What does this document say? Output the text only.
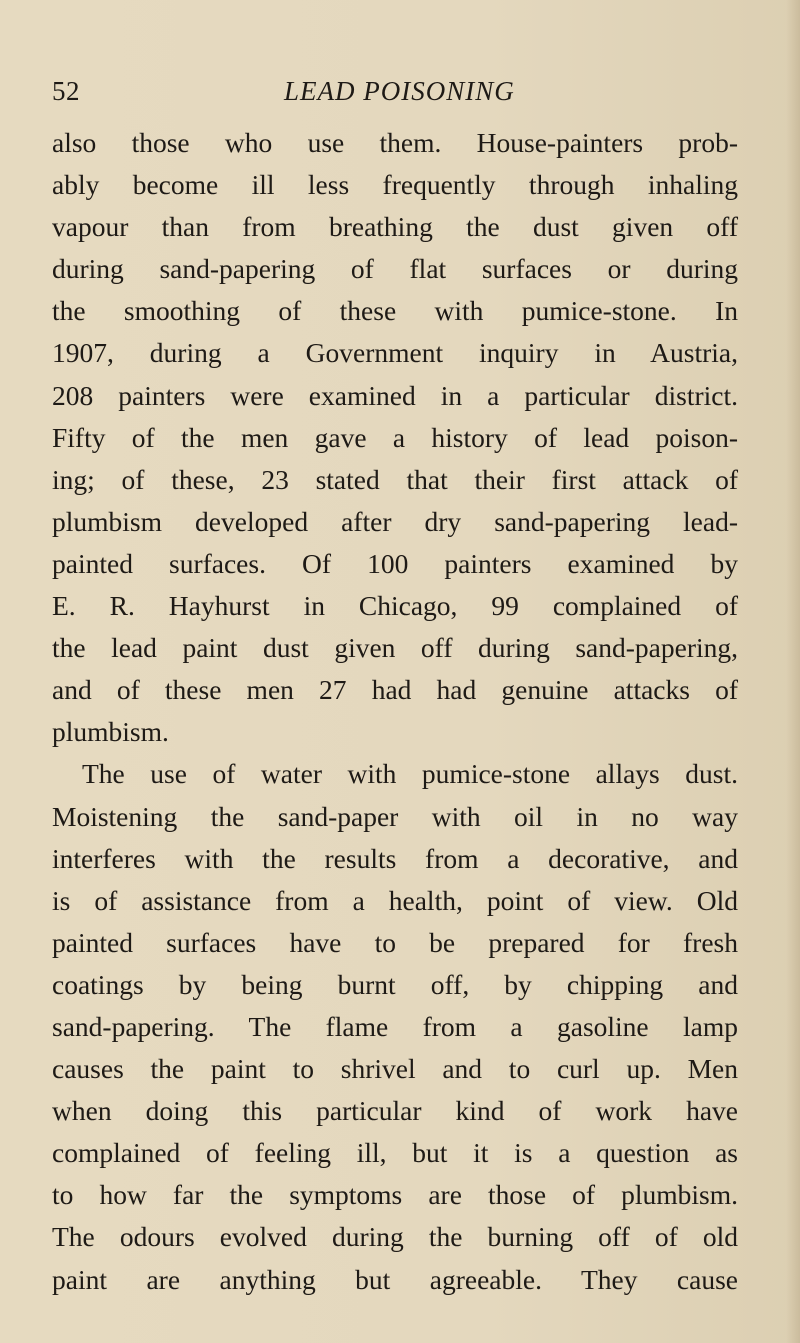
52	LEAD POISONING
also those who use them. House-painters prob-
ably become ill less frequently through inhaling
vapour than from breathing the dust given off
during sand-papering of flat surfaces or during
the smoothing of these with pumice-stone. In
1907, during a Government inquiry in Austria,
208 painters were examined in a particular district.
Fifty of the men gave a history of lead poison-
ing; of these, 23 stated that their first attack of
plumbism developed after dry sand-papering lead-
painted surfaces. Of 100 painters examined by
E. R. Hayhurst in Chicago, 99 complained of
the lead paint dust given off during sand-papering,
and of these men 27 had had genuine attacks of
plumbism.
The use of water with pumice-stone allays dust.
Moistening the sand-paper with oil in no way
interferes with the results from a decorative, and
is of assistance from a health, point of view. Old
painted surfaces have to be prepared for fresh
coatings by being burnt off, by chipping and
sand-papering. The flame from a gasoline lamp
causes the paint to shrivel and to curl up. Men
when doing this particular kind of work have
complained of feeling ill, but it is a question as
to how far the symptoms are those of plumbism.
The odours evolved during the burning off of old
paint are anything but agreeable. They cause
